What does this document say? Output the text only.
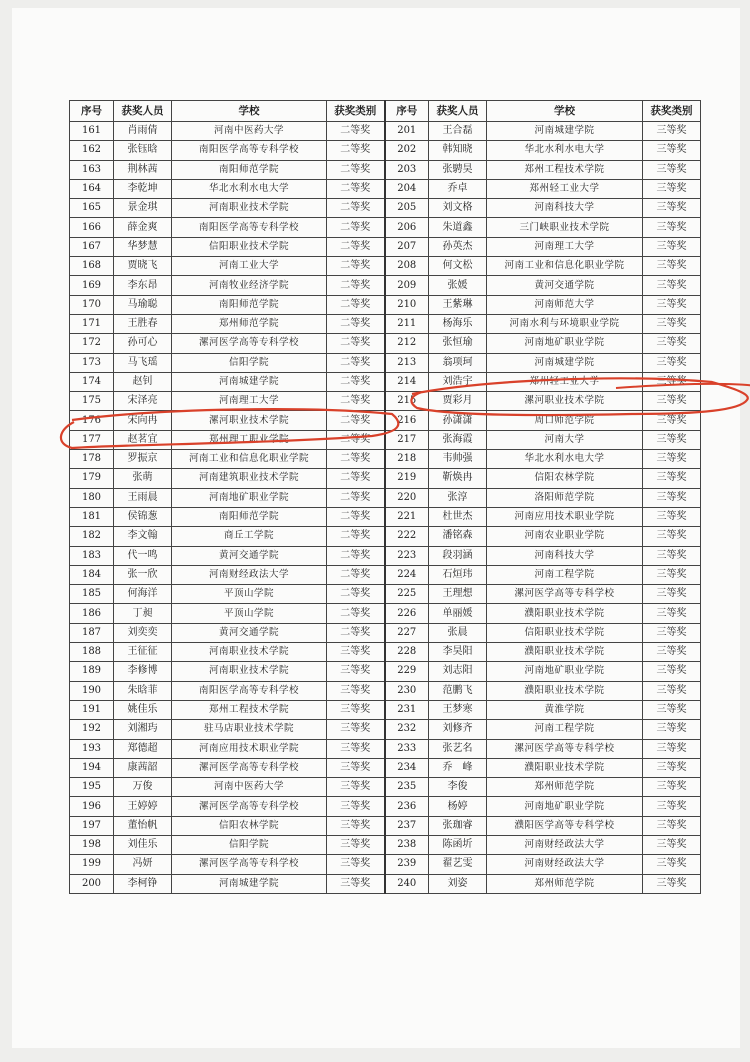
序号	获奖人员	学校	获奖类别	序号	获奖人员	学校	获奖类别
161	肖雨倩	河南中医药大学	二等奖	201	王合磊	河南城建学院	三等奖
162	张钰晗	南阳医学高等专科学校	二等奖	202	韩知晓	华北水利水电大学	三等奖
163	荆林茜	南阳师范学院	二等奖	203	张騁昊	郑州工程技术学院	三等奖
164	李乾坤	华北水利水电大学	二等奖	204	乔卓	郑州轻工业大学	三等奖
165	景金琪	河南职业技术学院	二等奖	205	刘文格	河南科技大学	三等奖
166	薛金爽	南阳医学高等专科学校	二等奖	206	朱道鑫	三门峡职业技术学院	三等奖
167	华梦慧	信阳职业技术学院	二等奖	207	孙英杰	河南理工大学	三等奖
168	贾晓飞	河南工业大学	二等奖	208	何文松	河南工业和信息化职业学院	三等奖
169	李东昂	河南牧业经济学院	二等奖	209	张媛	黄河交通学院	三等奖
170	马瑜聪	南阳师范学院	二等奖	210	王紫琳	河南师范大学	三等奖
171	王胜春	郑州师范学院	二等奖	211	杨海乐	河南水利与环境职业学院	三等奖
172	孙可心	漯河医学高等专科学校	二等奖	212	张恒瑜	河南地矿职业学院	三等奖
173	马飞瑶	信阳学院	二等奖	213	翁项珂	河南城建学院	三等奖
174	赵钊	河南城建学院	二等奖	214	刘浩宇	郑州轻工业大学	三等奖
175	宋泽亮	河南理工大学	二等奖	215	贾彩月	漯河职业技术学院	三等奖
176	宋向冉	漯河职业技术学院	二等奖	216	孙潇潇	周口师范学院	三等奖
177	赵茗宜	郑州理工职业学院	二等奖	217	张海霞	河南大学	三等奖
178	罗振京	河南工业和信息化职业学院	二等奖	218	韦帅强	华北水利水电大学	三等奖
179	张萌	河南建筑职业技术学院	二等奖	219	靳焕冉	信阳农林学院	三等奖
180	王雨晨	河南地矿职业学院	二等奖	220	张淳	洛阳师范学院	三等奖
181	侯锦葱	南阳师范学院	二等奖	221	杜世杰	河南应用技术职业学院	三等奖
182	李文翰	商丘工学院	二等奖	222	潘铭森	河南农业职业学院	三等奖
183	代一鸣	黄河交通学院	二等奖	223	段羽涵	河南科技大学	三等奖
184	张一欣	河南财经政法大学	二等奖	224	石烜玮	河南工程学院	三等奖
185	何海洋	平顶山学院	二等奖	225	王理想	漯河医学高等专科学校	三等奖
186	丁昶	平顶山学院	二等奖	226	单丽媛	濮阳职业技术学院	三等奖
187	刘奕奕	黄河交通学院	二等奖	227	张晨	信阳职业技术学院	三等奖
188	王征征	河南职业技术学院	三等奖	228	李昊阳	濮阳职业技术学院	三等奖
189	李修博	河南职业技术学院	三等奖	229	刘志阳	河南地矿职业学院	三等奖
190	朱晗菲	南阳医学高等专科学校	三等奖	230	范鹏飞	濮阳职业技术学院	三等奖
191	姚佳乐	郑州工程技术学院	三等奖	231	王梦寒	黄淮学院	三等奖
192	刘湘玙	驻马店职业技术学院	三等奖	232	刘修齐	河南工程学院	三等奖
193	郑德超	河南应用技术职业学院	三等奖	233	张艺名	漯河医学高等专科学校	三等奖
194	康茜韶	漯河医学高等专科学校	三等奖	234	乔　峰	濮阳职业技术学院	三等奖
195	万俊	河南中医药大学	三等奖	235	李俊	郑州师范学院	三等奖
196	王婷婷	漯河医学高等专科学校	三等奖	236	杨婷	河南地矿职业学院	三等奖
197	董怡帆	信阳农林学院	三等奖	237	张珈睿	濮阳医学高等专科学校	三等奖
198	刘佳乐	信阳学院	三等奖	238	陈函圻	河南财经政法大学	三等奖
199	冯妍	漯河医学高等专科学校	三等奖	239	翟艺雯	河南财经政法大学	三等奖
200	李柯铮	河南城建学院	三等奖	240	刘姿	郑州师范学院	三等奖
